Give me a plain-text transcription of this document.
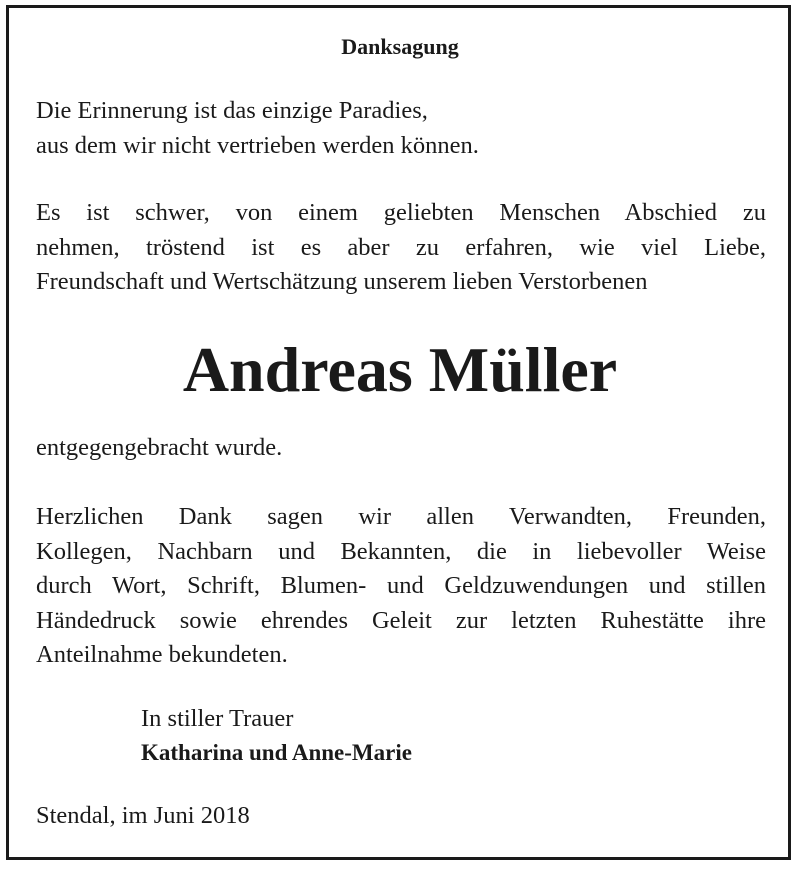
Danksagung
Die Erinnerung ist das einzige Paradies,
aus dem wir nicht vertrieben werden können.
Es ist schwer, von einem geliebten Menschen Abschied zu
nehmen, tröstend ist es aber zu erfahren, wie viel Liebe,
Freundschaft und Wertschätzung unserem lieben Verstorbenen
Andreas Müller
entgegengebracht wurde.
Herzlichen Dank sagen wir allen Verwandten, Freunden,
Kollegen, Nachbarn und Bekannten, die in liebevoller Weise
durch Wort, Schrift, Blumen- und Geldzuwendungen und stillen
Händedruck sowie ehrendes Geleit zur letzten Ruhestätte ihre
Anteilnahme bekundeten.
In stiller Trauer
Katharina und Anne-Marie
Stendal, im Juni 2018
